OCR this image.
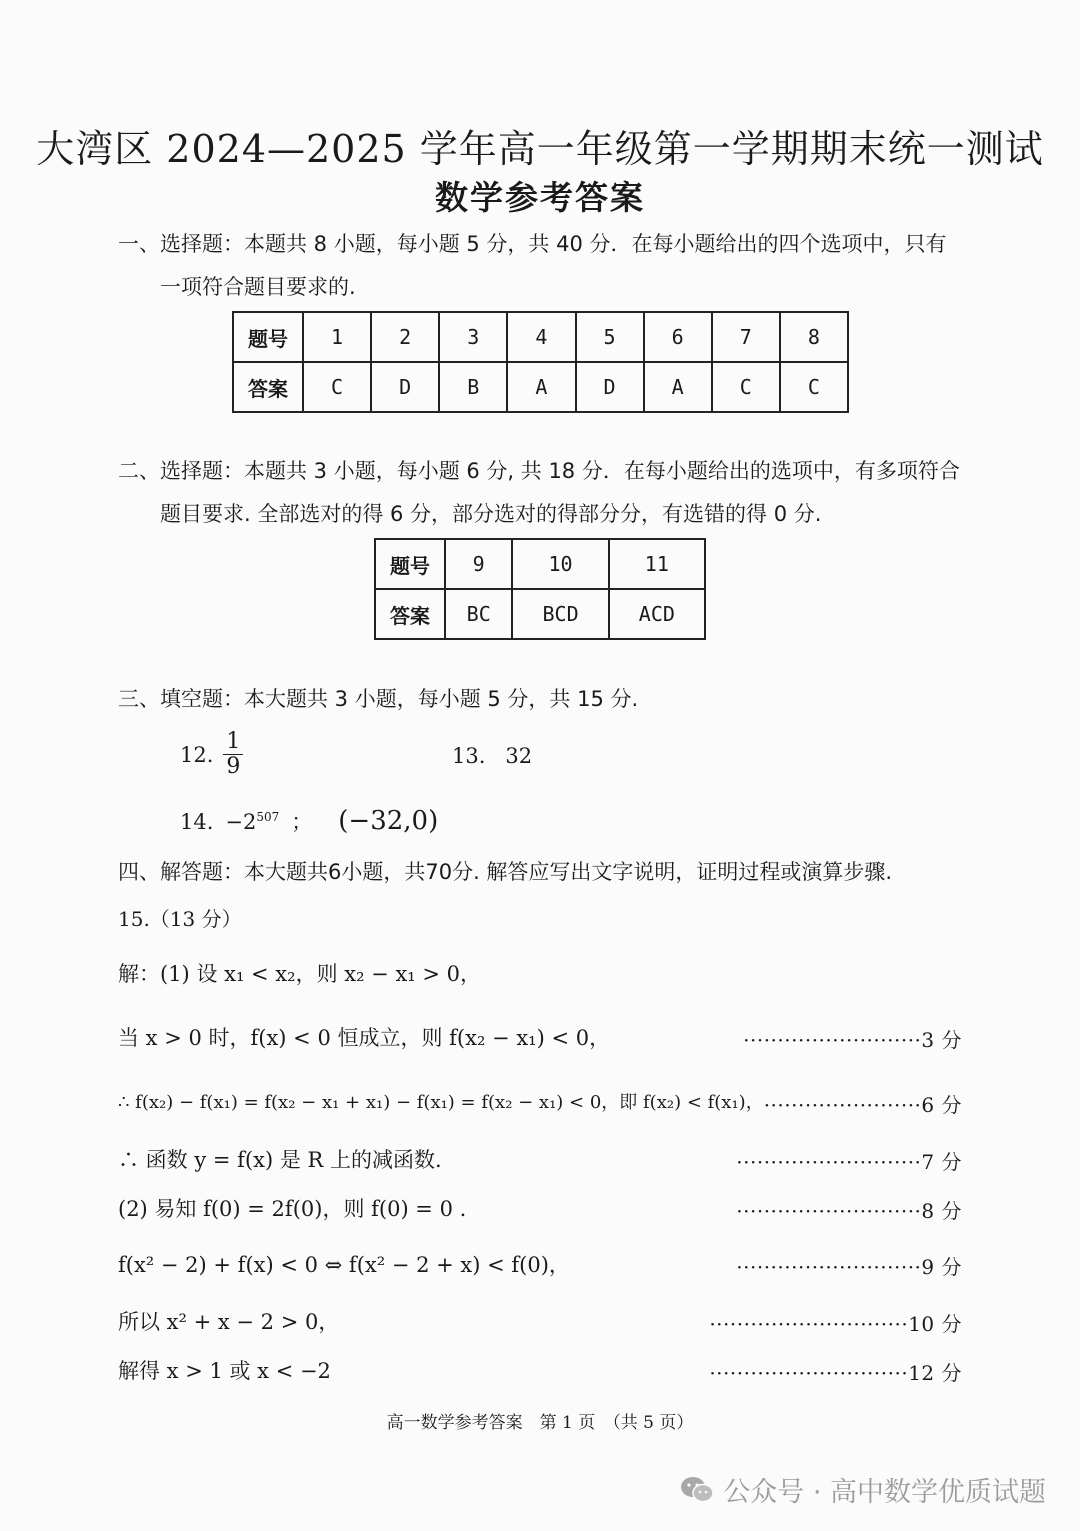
大湾区 2024—2025 学年高一年级第一学期期末统一测试
数学参考答案
一、选择题：本题共 8 小题，每小题 5 分，共 40 分．在每小题给出的四个选项中，只有
一项符合题目要求的.
题号	1	2	3	4	5	6	7	8
答案	C	D	B	A	D	A	C	C
二、选择题：本题共 3 小题，每小题 6 分, 共 18 分．在每小题给出的选项中，有多项符合
题目要求. 全部选对的得 6 分，部分选对的得部分分，有选错的得 0 分.
题号	9	10	11
答案	BC	BCD	ACD
三、填空题：本大题共 3 小题，每小题 5 分，共 15 分.
12. $\frac{1}{9}$	13.   32
14. $-2^{507}$ ； (−32,0)
四、解答题：本大题共6小题，共70分. 解答应写出文字说明，证明过程或演算步骤.
15.（13 分）
解：(1) 设 x₁ < x₂，则 x₂ − x₁ > 0，
当 x > 0 时，f(x) < 0 恒成立，则 f(x₂ − x₁) < 0，	··························3 分
∴ f(x₂) − f(x₁) = f(x₂ − x₁ + x₁) − f(x₁) = f(x₂ − x₁) < 0，即 f(x₂) < f(x₁)， ·······················6 分
∴ 函数 y = f(x) 是 R 上的减函数.	···························7 分
(2) 易知 f(0) = 2f(0)，则 f(0) = 0 .	···························8 分
f(x² − 2) + f(x) < 0 ⇔ f(x² − 2 + x) < f(0)，	···························9 分
所以 x² + x − 2 > 0，	·····························10 分
解得 x > 1 或 x < −2	·····························12 分
高一数学参考答案　第 1 页　（共 5 页）
公众号 · 高中数学优质试题
